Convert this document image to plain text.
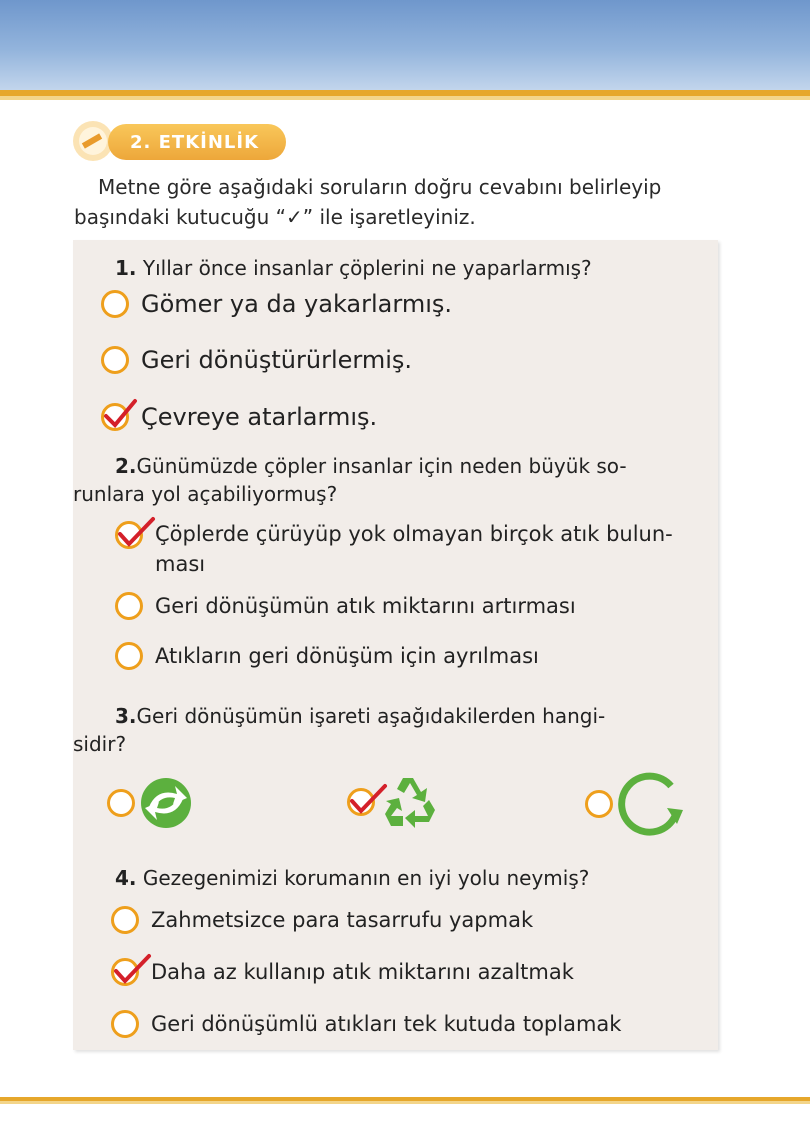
2. ETKİNLİK
Metne göre aşağıdaki soruların doğru cevabını belirleyip
başındaki kutucuğu “✓” ile işaretleyiniz.
1. Yıllar önce insanlar çöplerini ne yaparlarmış?
Gömer ya da yakarlarmış.
Geri dönüştürürlermiş.
Çevreye atarlarmış.
2.Günümüzde çöpler insanlar için neden büyük so-
runlara yol açabiliyormuş?
Çöplerde çürüyüp yok olmayan birçok atık bulun-
ması
Geri dönüşümün atık miktarını artırması
Atıkların geri dönüşüm için ayrılması
3.Geri dönüşümün işareti aşağıdakilerden hangi-
sidir?
4. Gezegenimizi korumanın en iyi yolu neymiş?
Zahmetsizce para tasarrufu yapmak
Daha az kullanıp atık miktarını azaltmak
Geri dönüşümlü atıkları tek kutuda toplamak
